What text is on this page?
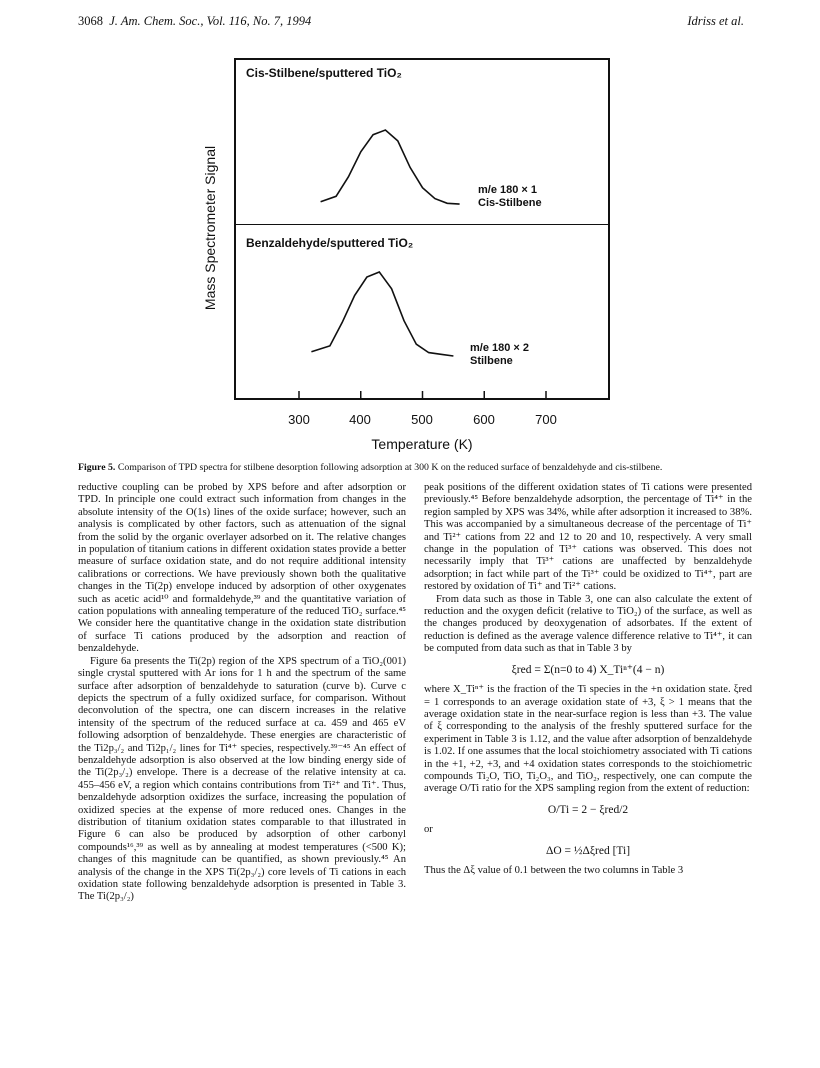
3068 J. Am. Chem. Soc., Vol. 116, No. 7, 1994	Idriss et al.
Cis-Stilbene/sputtered TiO₂
Benzaldehyde/sputtered TiO₂
m/e 180 × 1
Cis-Stilbene
m/e 180 × 2
Stilbene
Mass Spectrometer Signal
300	400	500	600	700
Temperature (K)
Figure 5. Comparison of TPD spectra for stilbene desorption following adsorption at 300 K on the reduced surface of benzaldehyde and cis-stilbene.

reductive coupling can be probed by XPS before and after adsorption or TPD. In principle one could extract such information from changes in the absolute intensity of the O(1s) lines of the oxide surface; however, such an analysis is complicated by other factors, such as attenuation of the signal from the solid by the organic overlayer adsorbed on it. The relative changes in population of titanium cations in different oxidation states provide a better measure of surface oxidation state, and do not require additional intensity calibrations or corrections. We have previously shown both the qualitative changes in the Ti(2p) envelope induced by adsorption of other oxygenates such as acetic acid¹⁰ and formaldehyde,³⁹ and the quantitative variation of cation populations with annealing temperature of the reduced TiO₂ surface.⁴⁵ We consider here the quantitative change in the oxidation state distribution of surface Ti cations produced by the adsorption and reaction of benzaldehyde.

Figure 6a presents the Ti(2p) region of the XPS spectrum of a TiO₂(001) single crystal sputtered with Ar ions for 1 h and the spectrum of the same surface after adsorption of benzaldehyde to saturation (curve b). Curve c depicts the spectrum of a fully oxidized surface, for comparison. Without deconvolution of the spectra, one can discern increases in the relative intensity of the spectrum of the reduced surface at ca. 459 and 465 eV following adsorption of benzaldehyde. These energies are characteristic of the Ti2p₃/₂ and Ti2p₁/₂ lines for Ti⁴⁺ species, respectively.³⁹⁻⁴⁵ An effect of benzaldehyde adsorption is also observed at the low binding energy side of the Ti(2p₃/₂) envelope. There is a decrease of the relative intensity at ca. 455–456 eV, a region which contains contributions from Ti²⁺ and Ti⁺. Thus, benzaldehyde adsorption oxidizes the surface, increasing the population of oxidized species at the expense of more reduced ones. Changes in the distribution of titanium oxidation states comparable to that illustrated in Figure 6 can also be produced by adsorption of other carbonyl compounds¹⁶,³⁹ as well as by annealing at modest temperatures (<500 K); changes of this magnitude can be quantified, as shown previously.⁴⁵ An analysis of the change in the XPS Ti(2p₃/₂) core levels of Ti cations in each oxidation state following benzaldehyde adsorption is presented in Table 3. The Ti(2p₃/₂)

peak positions of the different oxidation states of Ti cations were presented previously.⁴⁵ Before benzaldehyde adsorption, the percentage of Ti⁴⁺ in the region sampled by XPS was 34%, while after adsorption it increased to 38%. This was accompanied by a simultaneous decrease of the percentage of Ti⁺ and Ti²⁺ cations from 22 and 12 to 20 and 10, respectively. A very small change in the population of Ti³⁺ cations was observed. This does not necessarily imply that Ti³⁺ cations are unaffected by benzaldehyde adsorption; in fact while part of the Ti³⁺ could be oxidized to Ti⁴⁺, part are restored by oxidation of Ti⁺ and Ti²⁺ cations.

From data such as those in Table 3, one can also calculate the extent of reduction and the oxygen deficit (relative to TiO₂) of the surface, as well as the changes produced by deoxygenation of adsorbates. If the extent of reduction is defined as the average valence difference relative to Ti⁴⁺, it can be computed from data such as that in Table 3 by

ξred = Σ(n=0 to 4) X_Tiⁿ⁺(4 − n)

where X_Tiⁿ⁺ is the fraction of the Ti species in the +n oxidation state. ξred = 1 corresponds to an average oxidation state of +3, ξ > 1 means that the average oxidation state in the near-surface region is less than +3. The value of ξ corresponding to the analysis of the freshly sputtered surface for the experiment in Table 3 is 1.12, and the value after adsorption of benzaldehyde is 1.02. If one assumes that the local stoichiometry associated with Ti cations in the +1, +2, +3, and +4 oxidation states corresponds to the stoichiometric compounds Ti₂O, TiO, Ti₂O₃, and TiO₂, respectively, one can compute the average O/Ti ratio for the XPS sampling region from the extent of reduction:

O/Ti = 2 − ξred/2
or
ΔO = ½Δξred [Ti]

Thus the Δξ value of 0.1 between the two columns in Table 3
